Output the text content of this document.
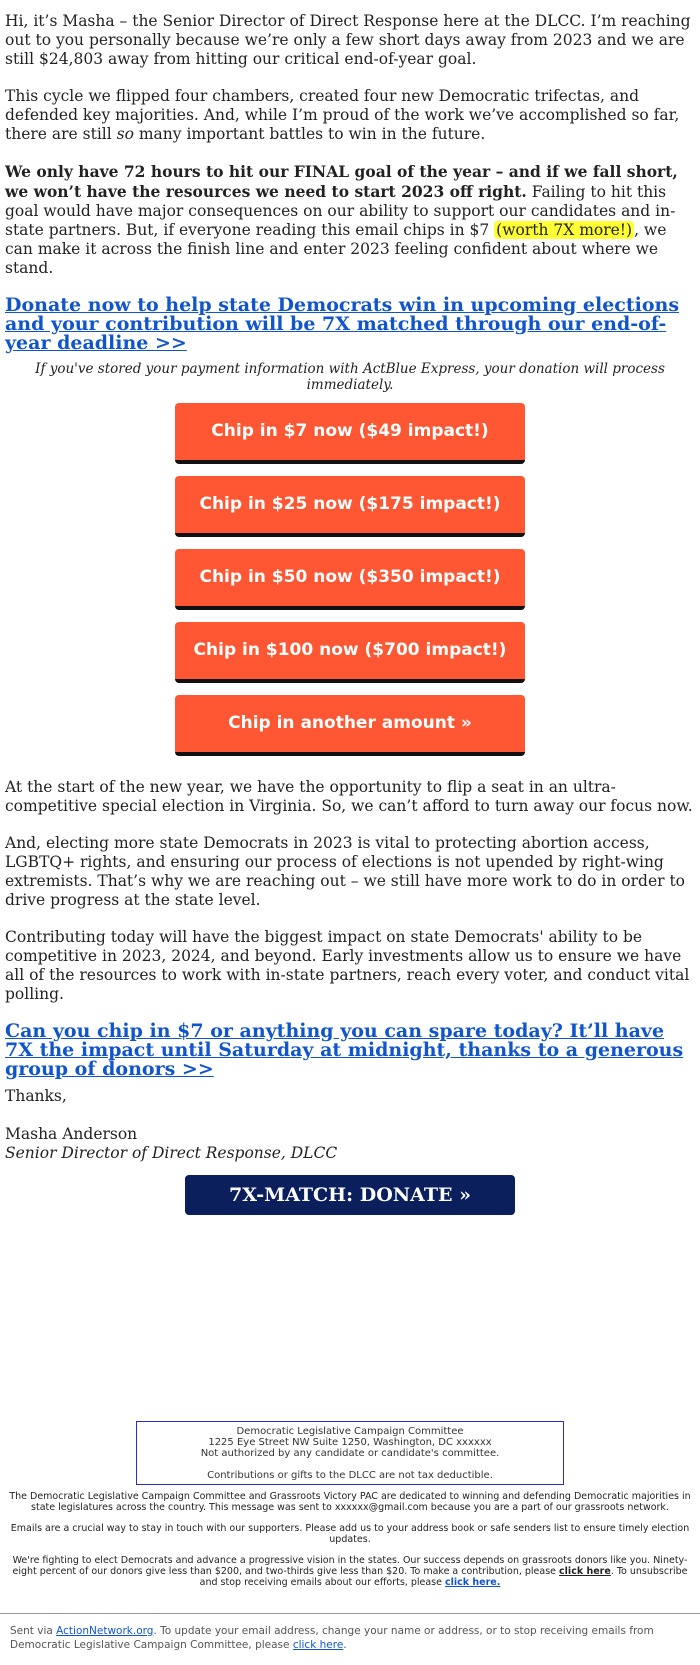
Hi, it’s Masha – the Senior Director of Direct Response here at the DLCC. I’m reaching out to you personally because we’re only a few short days away from 2023 and we are still $24,803 away from hitting our critical end-of-year goal.

This cycle we flipped four chambers, created four new Democratic trifectas, and defended key majorities. And, while I’m proud of the work we’ve accomplished so far, there are still so many important battles to win in the future.

We only have 72 hours to hit our FINAL goal of the year – and if we fall short, we won’t have the resources we need to start 2023 off right. Failing to hit this goal would have major consequences on our ability to support our candidates and in-state partners. But, if everyone reading this email chips in $7 (worth 7X more!) , we can make it across the finish line and enter 2023 feeling confident about where we stand.

Donate now to help state Democrats win in upcoming elections and your contribution will be 7X matched through our end-of-year deadline >>
If you've stored your payment information with ActBlue Express, your donation will process immediately.
Chip in $7 now ($49 impact!)
Chip in $25 now ($175 impact!)
Chip in $50 now ($350 impact!)
Chip in $100 now ($700 impact!)
Chip in another amount »

At the start of the new year, we have the opportunity to flip a seat in an ultra-competitive special election in Virginia. So, we can’t afford to turn away our focus now.

And, electing more state Democrats in 2023 is vital to protecting abortion access, LGBTQ+ rights, and ensuring our process of elections is not upended by right-wing extremists. That’s why we are reaching out – we still have more work to do in order to drive progress at the state level.

Contributing today will have the biggest impact on state Democrats' ability to be competitive in 2023, 2024, and beyond. Early investments allow us to ensure we have all of the resources to work with in-state partners, reach every voter, and conduct vital polling.

Can you chip in $7 or anything you can spare today? It’ll have 7X the impact until Saturday at midnight, thanks to a generous group of donors >>
Thanks,
Masha Anderson
Senior Director of Direct Response, DLCC
7X-MATCH: DONATE »
Democratic Legislative Campaign Committee
1225 Eye Street NW Suite 1250, Washington, DC xxxxxx
Not authorized by any candidate or candidate's committee.
Contributions or gifts to the DLCC are not tax deductible.
The Democratic Legislative Campaign Committee and Grassroots Victory PAC are dedicated to winning and defending Democratic majorities in state legislatures across the country. This message was sent to xxxxxx@gmail.com because you are a part of our grassroots network.
Emails are a crucial way to stay in touch with our supporters. Please add us to your address book or safe senders list to ensure timely election updates.
We're fighting to elect Democrats and advance a progressive vision in the states. Our success depends on grassroots donors like you. Ninety-eight percent of our donors give less than $200, and two-thirds give less than $20. To make a contribution, please click here. To unsubscribe and stop receiving emails about our efforts, please click here.
Sent via ActionNetwork.org. To update your email address, change your name or address, or to stop receiving emails from Democratic Legislative Campaign Committee, please click here.
